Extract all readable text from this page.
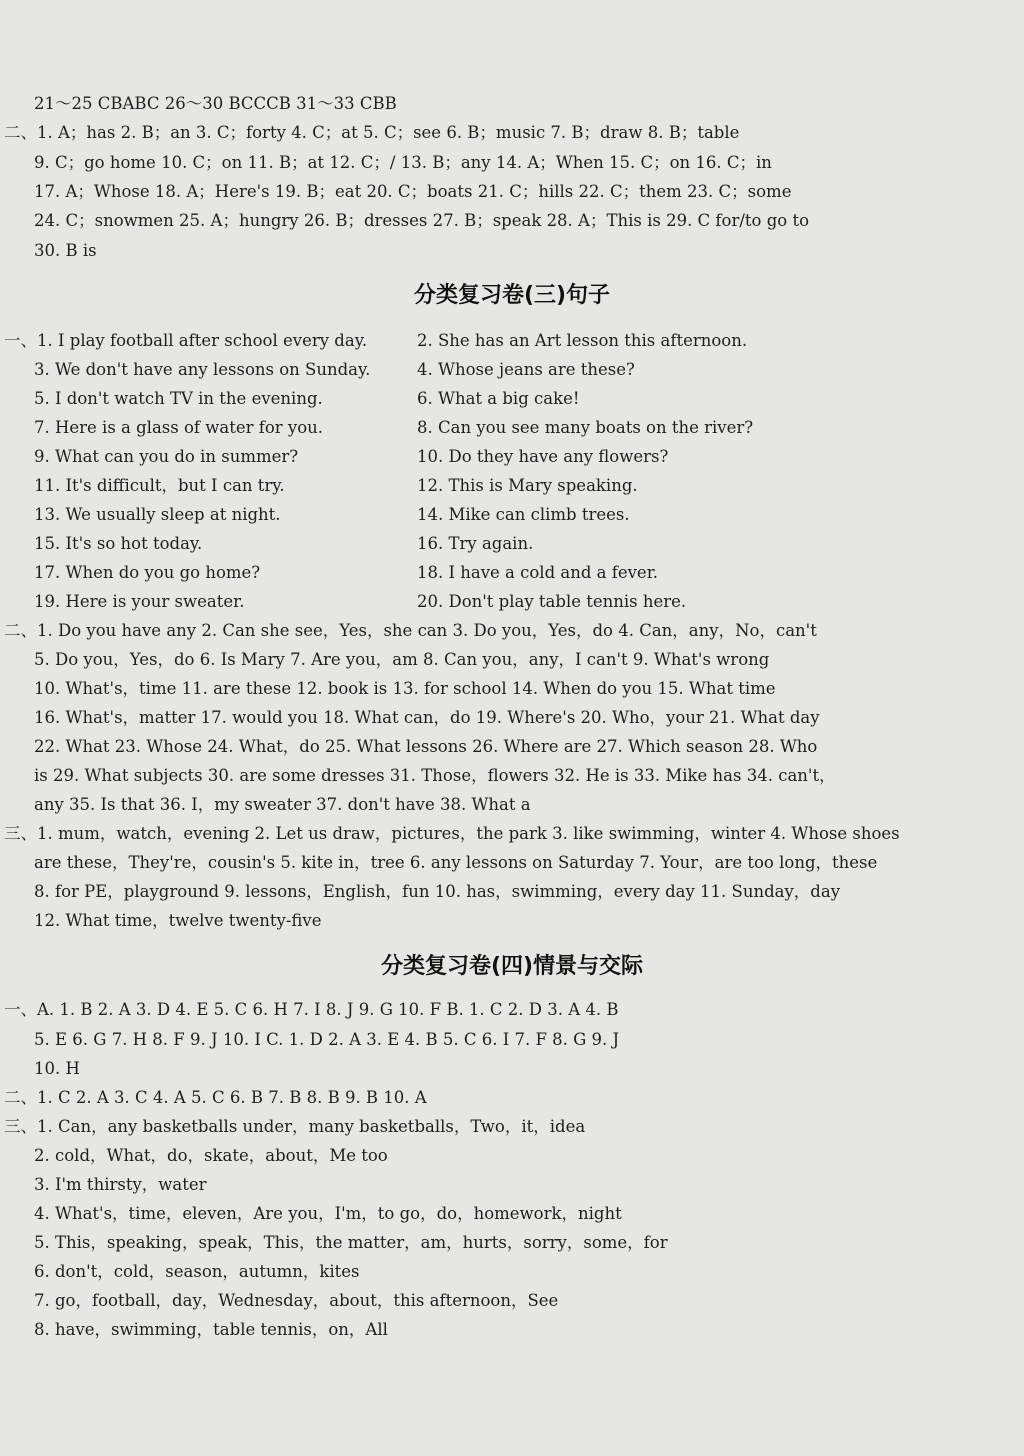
21～25 CBABC 26～30 BCCCB 31～33 CBB
二、1. A；has 2. B；an 3. C；forty 4. C；at 5. C；see 6. B；music 7. B；draw 8. B；table
9. C；go home 10. C；on 11. B；at 12. C；/ 13. B；any 14. A；When 15. C；on 16. C；in
17. A；Whose 18. A；Here's 19. B；eat 20. C；boats 21. C；hills 22. C；them 23. C；some
24. C；snowmen 25. A；hungry 26. B；dresses 27. B；speak 28. A；This is 29. C for/to go to
30. B is
分类复习卷(三)句子
一、1. I play football after school every day.
3. We don't have any lessons on Sunday.
5. I don't watch TV in the evening.
7. Here is a glass of water for you.
9. What can you do in summer?
11. It's difficult，but I can try.
13. We usually sleep at night.
15. It's so hot today.
17. When do you go home?
19. Here is your sweater.
2. She has an Art lesson this afternoon.
4. Whose jeans are these?
6. What a big cake!
8. Can you see many boats on the river?
10. Do they have any flowers?
12. This is Mary speaking.
14. Mike can climb trees.
16. Try again.
18. I have a cold and a fever.
20. Don't play table tennis here.
二、1. Do you have any 2. Can she see，Yes，she can 3. Do you，Yes，do 4. Can，any，No，can't
5. Do you，Yes，do 6. Is Mary 7. Are you，am 8. Can you，any，I can't 9. What's wrong
10. What's，time 11. are these 12. book is 13. for school 14. When do you 15. What time
16. What's，matter 17. would you 18. What can，do 19. Where's 20. Who，your 21. What day
22. What 23. Whose 24. What，do 25. What lessons 26. Where are 27. Which season 28. Who
is 29. What subjects 30. are some dresses 31. Those，flowers 32. He is 33. Mike has 34. can't，
any 35. Is that 36. I，my sweater 37. don't have 38. What a
三、1. mum，watch，evening 2. Let us draw，pictures，the park 3. like swimming，winter 4. Whose shoes
are these，They're，cousin's 5. kite in，tree 6. any lessons on Saturday 7. Your，are too long，these
8. for PE，playground 9. lessons，English，fun 10. has，swimming，every day 11. Sunday，day
12. What time，twelve twenty-five
分类复习卷(四)情景与交际
一、A. 1. B 2. A 3. D 4. E 5. C 6. H 7. I 8. J 9. G 10. F B. 1. C 2. D 3. A 4. B
5. E 6. G 7. H 8. F 9. J 10. I C. 1. D 2. A 3. E 4. B 5. C 6. I 7. F 8. G 9. J
10. H
二、1. C 2. A 3. C 4. A 5. C 6. B 7. B 8. B 9. B 10. A
三、1. Can，any basketballs under，many basketballs，Two，it，idea
2. cold，What，do，skate，about，Me too
3. I'm thirsty，water
4. What's，time，eleven，Are you，I'm，to go，do，homework，night
5. This，speaking，speak，This，the matter，am，hurts，sorry，some，for
6. don't，cold，season，autumn，kites
7. go，football，day，Wednesday，about，this afternoon，See
8. have，swimming，table tennis，on，All
